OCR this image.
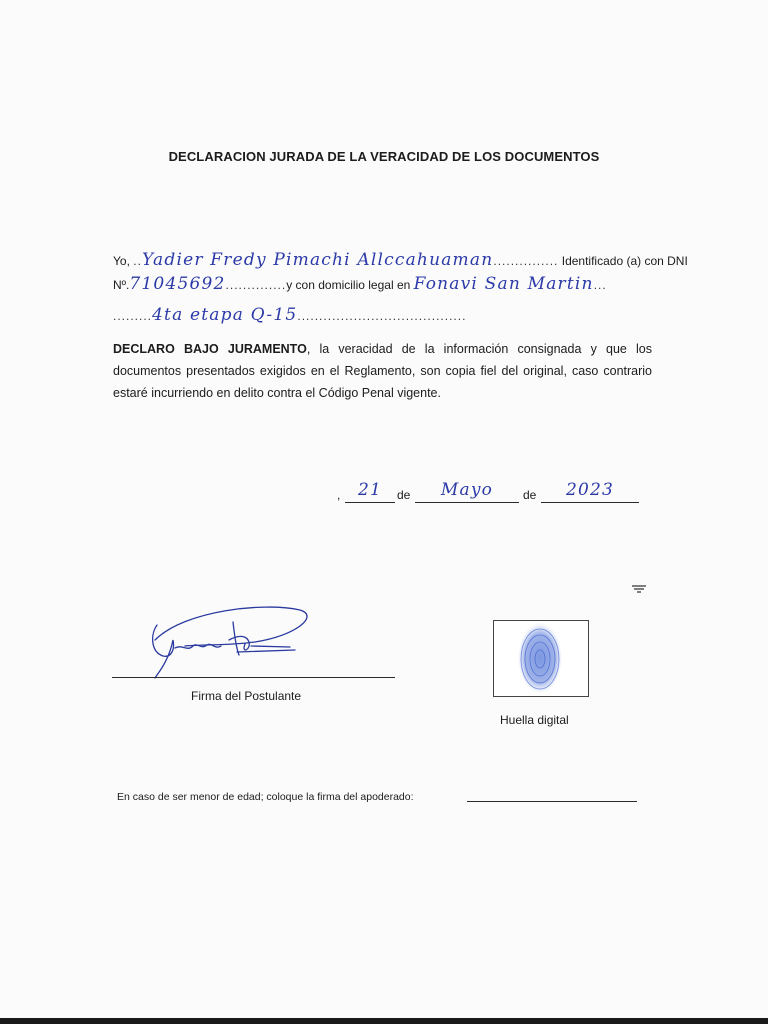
DECLARACION JURADA DE LA VERACIDAD DE LOS DOCUMENTOS
Yo, ..Yadier Fredy Pimachi Allccahuaman............... Identificado (a) con DNI
Nº.71045692..............y con domicilio legal en Fonavi San Martin...
.........4ta etapa Q-15.......................................
DECLARO BAJO JURAMENTO, la veracidad de la información consignada y que los documentos presentados exigidos en el Reglamento, son copia fiel del original, caso contrario estaré incurriendo en delito contra el Código Penal vigente.
,	21	de	Mayo	de	2023
Firma del Postulante
Huella digital
En caso de ser menor de edad; coloque la firma del apoderado:
